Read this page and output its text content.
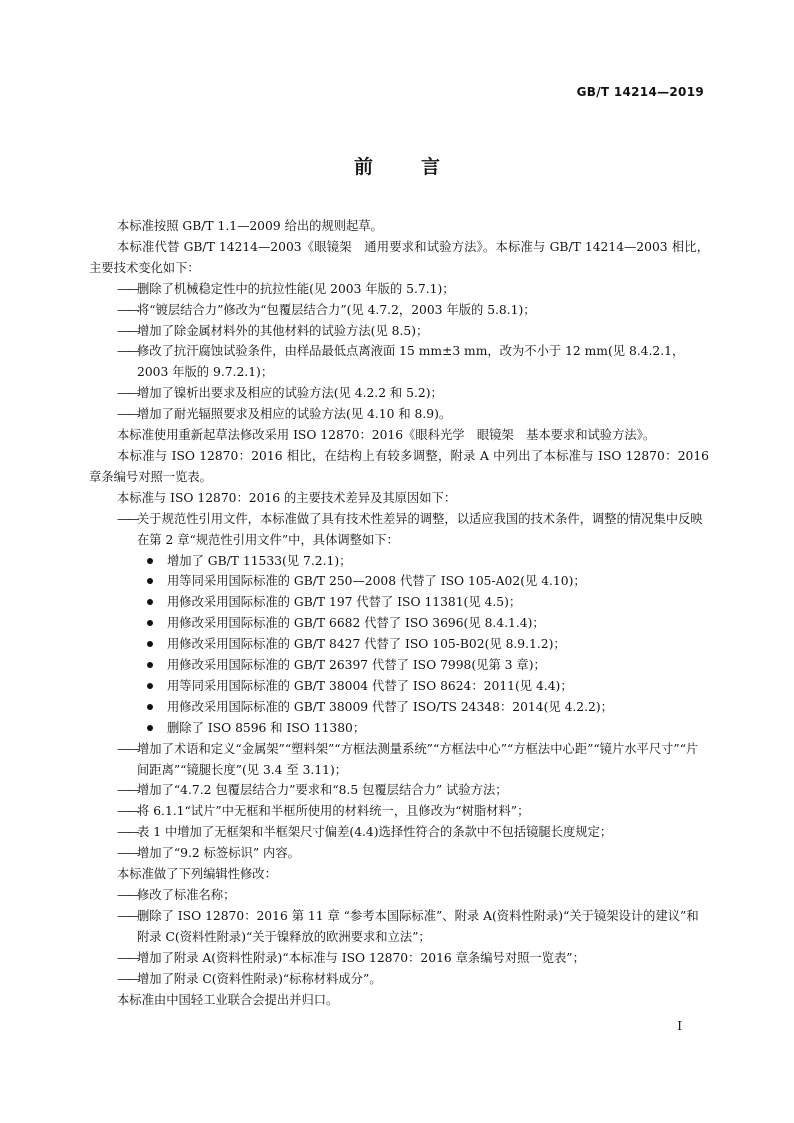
GB/T 14214—2019
前言

本标准按照 GB/T 1.1—2009 给出的规则起草。

本标准代替 GB/T 14214—2003《眼镜架　通用要求和试验方法》。本标准与 GB/T 14214—2003 相比，主要技术变化如下：

—— 删除了机械稳定性中的抗拉性能(见 2003 年版的 5.7.1)；

—— 将“镀层结合力”修改为“包覆层结合力”(见 4.7.2，2003 年版的 5.8.1)；

—— 增加了除金属材料外的其他材料的试验方法(见 8.5)；

—— 修改了抗汗腐蚀试验条件，由样品最低点离液面 15 mm±3 mm，改为不小于 12 mm(见 8.4.2.1，2003 年版的 9.7.2.1)；

—— 增加了镍析出要求及相应的试验方法(见 4.2.2 和 5.2)；

—— 增加了耐光辐照要求及相应的试验方法(见 4.10 和 8.9)。

本标准使用重新起草法修改采用 ISO 12870：2016《眼科光学　眼镜架　基本要求和试验方法》。

本标准与 ISO 12870：2016 相比，在结构上有较多调整，附录 A 中列出了本标准与 ISO 12870：2016 章条编号对照一览表。

本标准与 ISO 12870：2016 的主要技术差异及其原因如下：

—— 关于规范性引用文件，本标准做了具有技术性差异的调整，以适应我国的技术条件，调整的情况集中反映在第 2 章“规范性引用文件”中，具体调整如下：

增加了 GB/T 11533(见 7.2.1)；

用等同采用国际标准的 GB/T 250—2008 代替了 ISO 105-A02(见 4.10)；

用修改采用国际标准的 GB/T 197 代替了 ISO 11381(见 4.5)；

用修改采用国际标准的 GB/T 6682 代替了 ISO 3696(见 8.4.1.4)；

用修改采用国际标准的 GB/T 8427 代替了 ISO 105-B02(见 8.9.1.2)；

用修改采用国际标准的 GB/T 26397 代替了 ISO 7998(见第 3 章)；

用等同采用国际标准的 GB/T 38004 代替了 ISO 8624：2011(见 4.4)；

用修改采用国际标准的 GB/T 38009 代替了 ISO/TS 24348：2014(见 4.2.2)；

删除了 ISO 8596 和 ISO 11380；

—— 增加了术语和定义“金属架”“塑料架”“方框法测量系统”“方框法中心”“方框法中心距”“镜片水平尺寸”“片间距离”“镜腿长度”(见 3.4 至 3.11)；

—— 增加了“4.7.2 包覆层结合力”要求和“8.5 包覆层结合力” 试验方法；

—— 将 6.1.1“试片”中无框和半框所使用的材料统一，且修改为“树脂材料”；

—— 表 1 中增加了无框架和半框架尺寸偏差(4.4)选择性符合的条款中不包括镜腿长度规定；

—— 增加了“9.2 标签标识” 内容。

本标准做了下列编辑性修改：

—— 修改了标准名称；

—— 删除了 ISO 12870：2016 第 11 章 “参考本国际标准”、附录 A(资料性附录)“关于镜架设计的建议”和附录 C(资料性附录)“关于镍释放的欧洲要求和立法”；

—— 增加了附录 A(资料性附录)“本标准与 ISO 12870：2016 章条编号对照一览表”；

—— 增加了附录 C(资料性附录)“标称材料成分”。

本标准由中国轻工业联合会提出并归口。

I
